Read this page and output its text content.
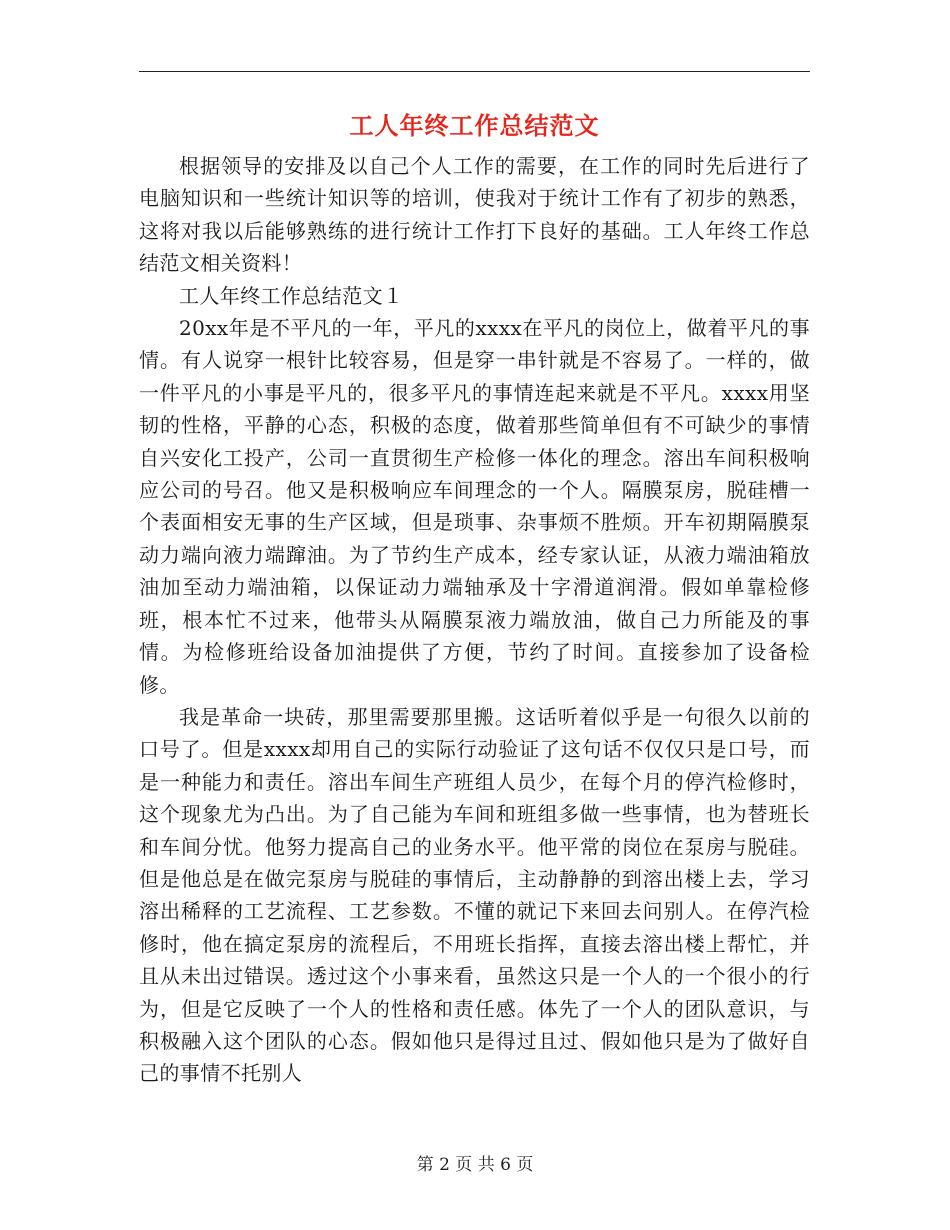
工人年终工作总结范文

根据领导的安排及以自己个人工作的需要，在工作的同时先后进行了电脑知识和一些统计知识等的培训，使我对于统计工作有了初步的熟悉，这将对我以后能够熟练的进行统计工作打下良好的基础。工人年终工作总结范文相关资料！

工人年终工作总结范文１

20xx年是不平凡的一年，平凡的xxxx在平凡的岗位上，做着平凡的事情。有人说穿一根针比较容易，但是穿一串针就是不容易了。一样的，做一件平凡的小事是平凡的，很多平凡的事情连起来就是不平凡。xxxx用坚韧的性格，平静的心态，积极的态度，做着那些简单但有不可缺少的事情 自兴安化工投产，公司一直贯彻生产检修一体化的理念。溶出车间积极响应公司的号召。他又是积极响应车间理念的一个人。隔膜泵房，脱硅槽一个表面相安无事的生产区域，但是琐事、杂事烦不胜烦。开车初期隔膜泵动力端向液力端蹿油。为了节约生产成本，经专家认证，从液力端油箱放油加至动力端油箱，以保证动力端轴承及十字滑道润滑。假如单靠检修班，根本忙不过来，他带头从隔膜泵液力端放油，做自己力所能及的事情。为检修班给设备加油提供了方便，节约了时间。直接参加了设备检修。

我是革命一块砖，那里需要那里搬。这话听着似乎是一句很久以前的口号了。但是xxxx却用自己的实际行动验证了这句话不仅仅只是口号，而是一种能力和责任。溶出车间生产班组人员少，在每个月的停汽检修时，这个现象尤为凸出。为了自己能为车间和班组多做一些事情，也为替班长和车间分忧。他努力提高自己的业务水平。他平常的岗位在泵房与脱硅。但是他总是在做完泵房与脱硅的事情后，主动静静的到溶出楼上去，学习溶出稀释的工艺流程、工艺参数。不懂的就记下来回去问别人。在停汽检修时，他在搞定泵房的流程后，不用班长指挥，直接去溶出楼上帮忙，并且从未出过错误。透过这个小事来看，虽然这只是一个人的一个很小的行为，但是它反映了一个人的性格和责任感。体先了一个人的团队意识，与积极融入这个团队的心态。假如他只是得过且过、假如他只是为了做好自己的事情不托别人

第 2 页 共 6 页
